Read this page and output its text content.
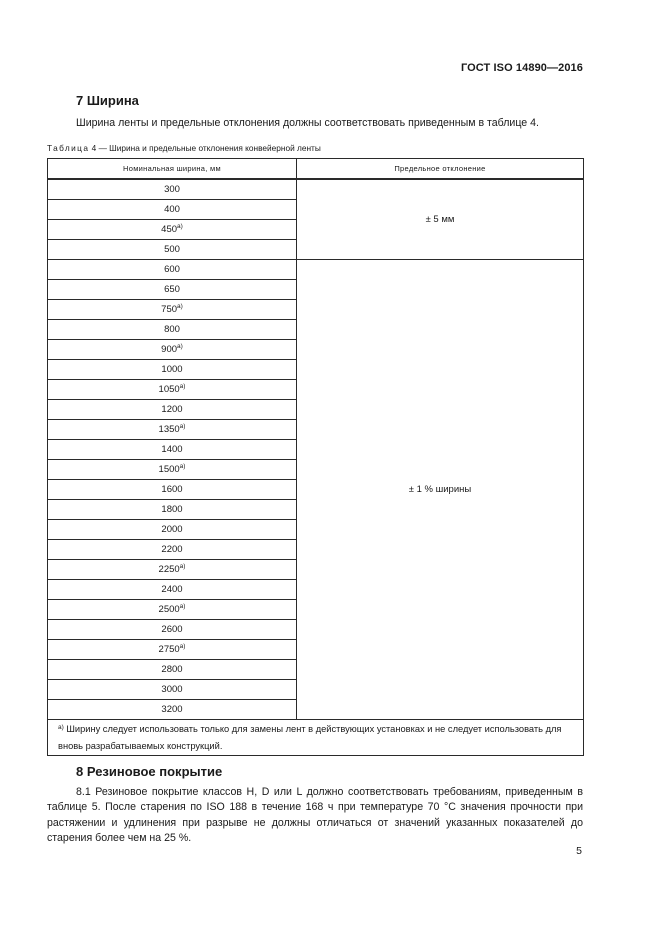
ГОСТ ISO 14890—2016
7 Ширина
Ширина ленты и предельные отклонения должны соответствовать приведенным в таблице 4.
Таблица 4 — Ширина и предельные отклонения конвейерной ленты
Номинальная ширина, мм	Предельное отклонение
300	± 5 мм
400	
450$^{a)}$
500	
600	± 1 % ширины
650	
750$^{a)}$
800	
900$^{a)}$
1000	
1050$^{a)}$
1200	
1350$^{a)}$
1400	
1500$^{a)}$
1600	
1800	
2000	
2200	
2250$^{a)}$
2400	
2500$^{a)}$
2600	
2750$^{a)}$
2800	
3000	
3200	
$^{a)}$ Ширину следует использовать только для замены лент в действующих установках и не следует использовать для вновь разрабатываемых конструкций.	
8 Резиновое покрытие
8.1 Резиновое покрытие классов H, D или L должно соответствовать требованиям, приведенным в таблице 5. После старения по ISO 188 в течение 168 ч при температуре 70 °C значения прочности при растяжении и удлинения при разрыве не должны отличаться от значений указанных показателей до старения более чем на 25 %.
5
